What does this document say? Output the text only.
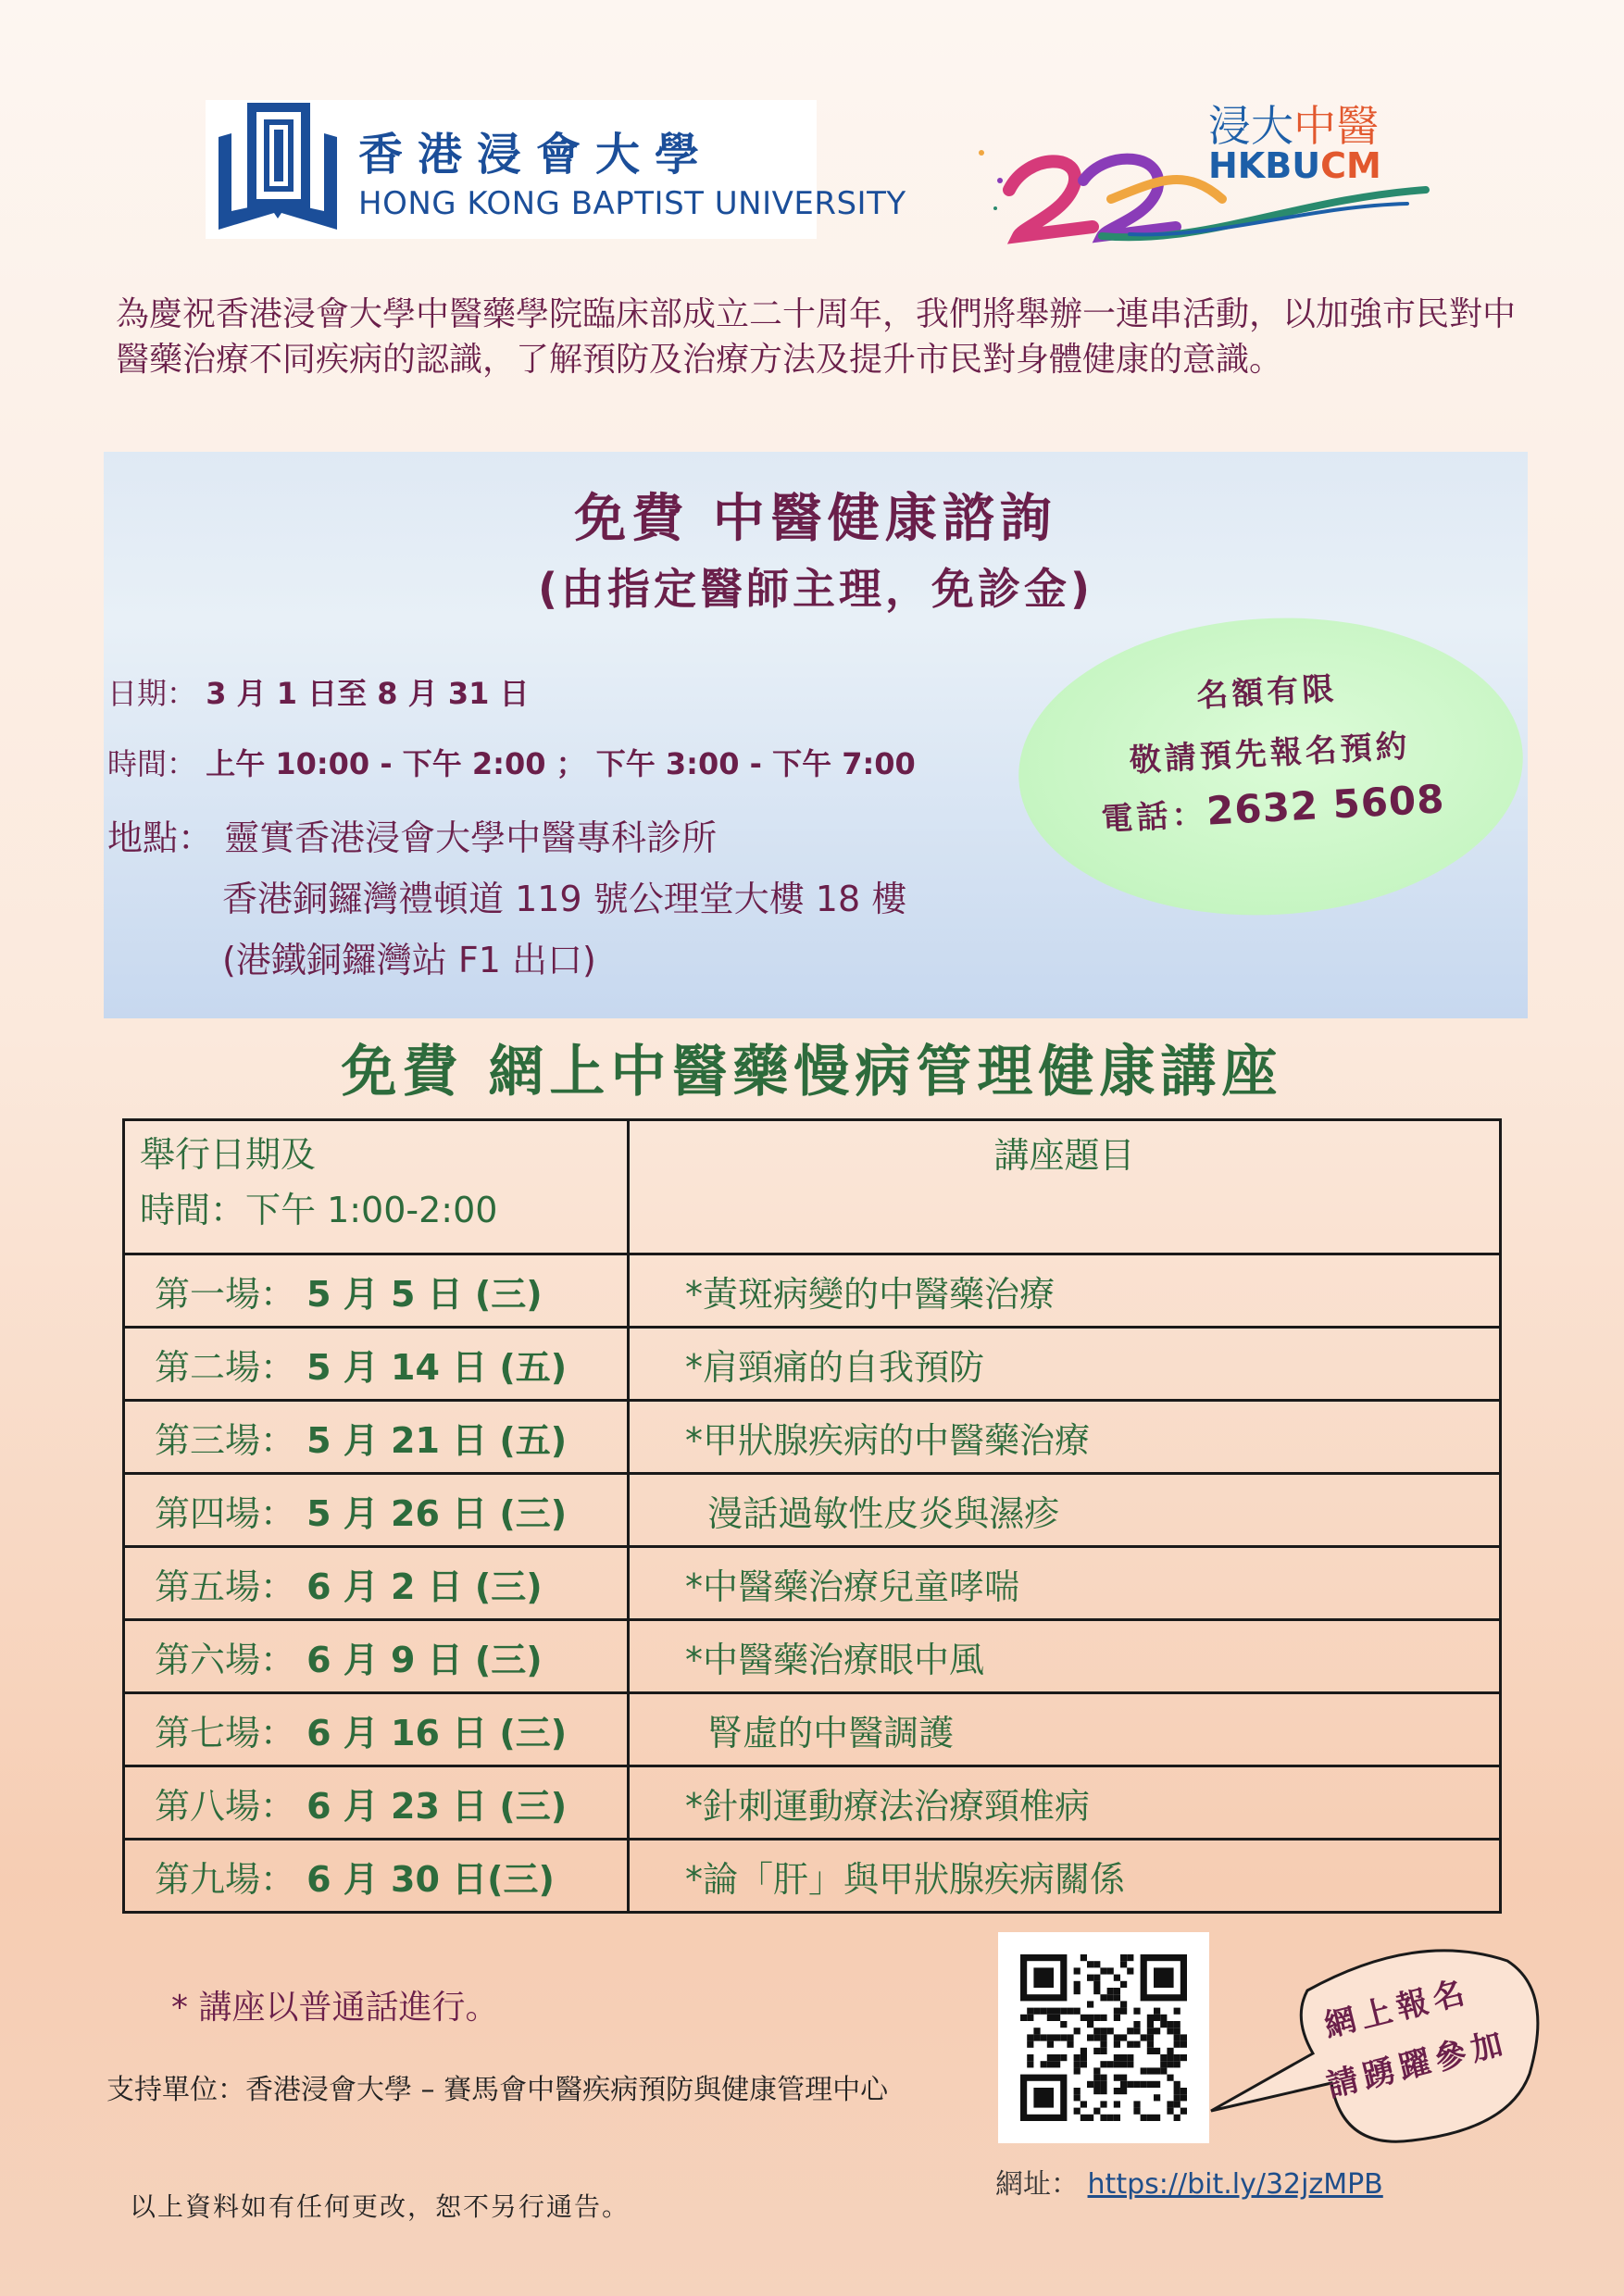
香港浸會大學
HONG KONG BAPTIST UNIVERSITY
浸大中醫
HKBUCM
為慶祝香港浸會大學中醫藥學院臨床部成立二十周年，我們將舉辦一連串活動，以加強市民對中醫藥治療不同疾病的認識，了解預防及治療方法及提升市民對身體健康的意識。
免費 中醫健康諮詢
(由指定醫師主理，免診金)
日期： 3 月 1 日至 8 月 31 日
時間： 上午 10:00 - 下午 2:00 ； 下午 3:00 - 下午 7:00
地點： 靈實香港浸會大學中醫專科診所
香港銅鑼灣禮頓道 119 號公理堂大樓 18 樓
(港鐵銅鑼灣站 F1 出口)
名額有限
敬請預先報名預約
電話：2632 5608
免費 網上中醫藥慢病管理健康講座
舉行日期及
時間：下午 1:00-2:00	講座題目
第一場： 5 月 5 日 (三)	*黃斑病變的中醫藥治療
第二場： 5 月 14 日 (五)	*肩頸痛的自我預防
第三場： 5 月 21 日 (五)	*甲狀腺疾病的中醫藥治療
第四場： 5 月 26 日 (三)	漫話過敏性皮炎與濕疹
第五場： 6 月 2 日 (三)	*中醫藥治療兒童哮喘
第六場： 6 月 9 日 (三)	*中醫藥治療眼中風
第七場： 6 月 16 日 (三)	腎虛的中醫調護
第八場： 6 月 23 日 (三)	*針刺運動療法治療頸椎病
第九場： 6 月 30 日(三)	*論「肝」與甲狀腺疾病關係
* 講座以普通話進行。
支持單位：香港浸會大學 – 賽馬會中醫疾病預防與健康管理中心
以上資料如有任何更改，恕不另行通告。
網址： https://bit.ly/32jzMPB
網上報名
請踴躍參加
